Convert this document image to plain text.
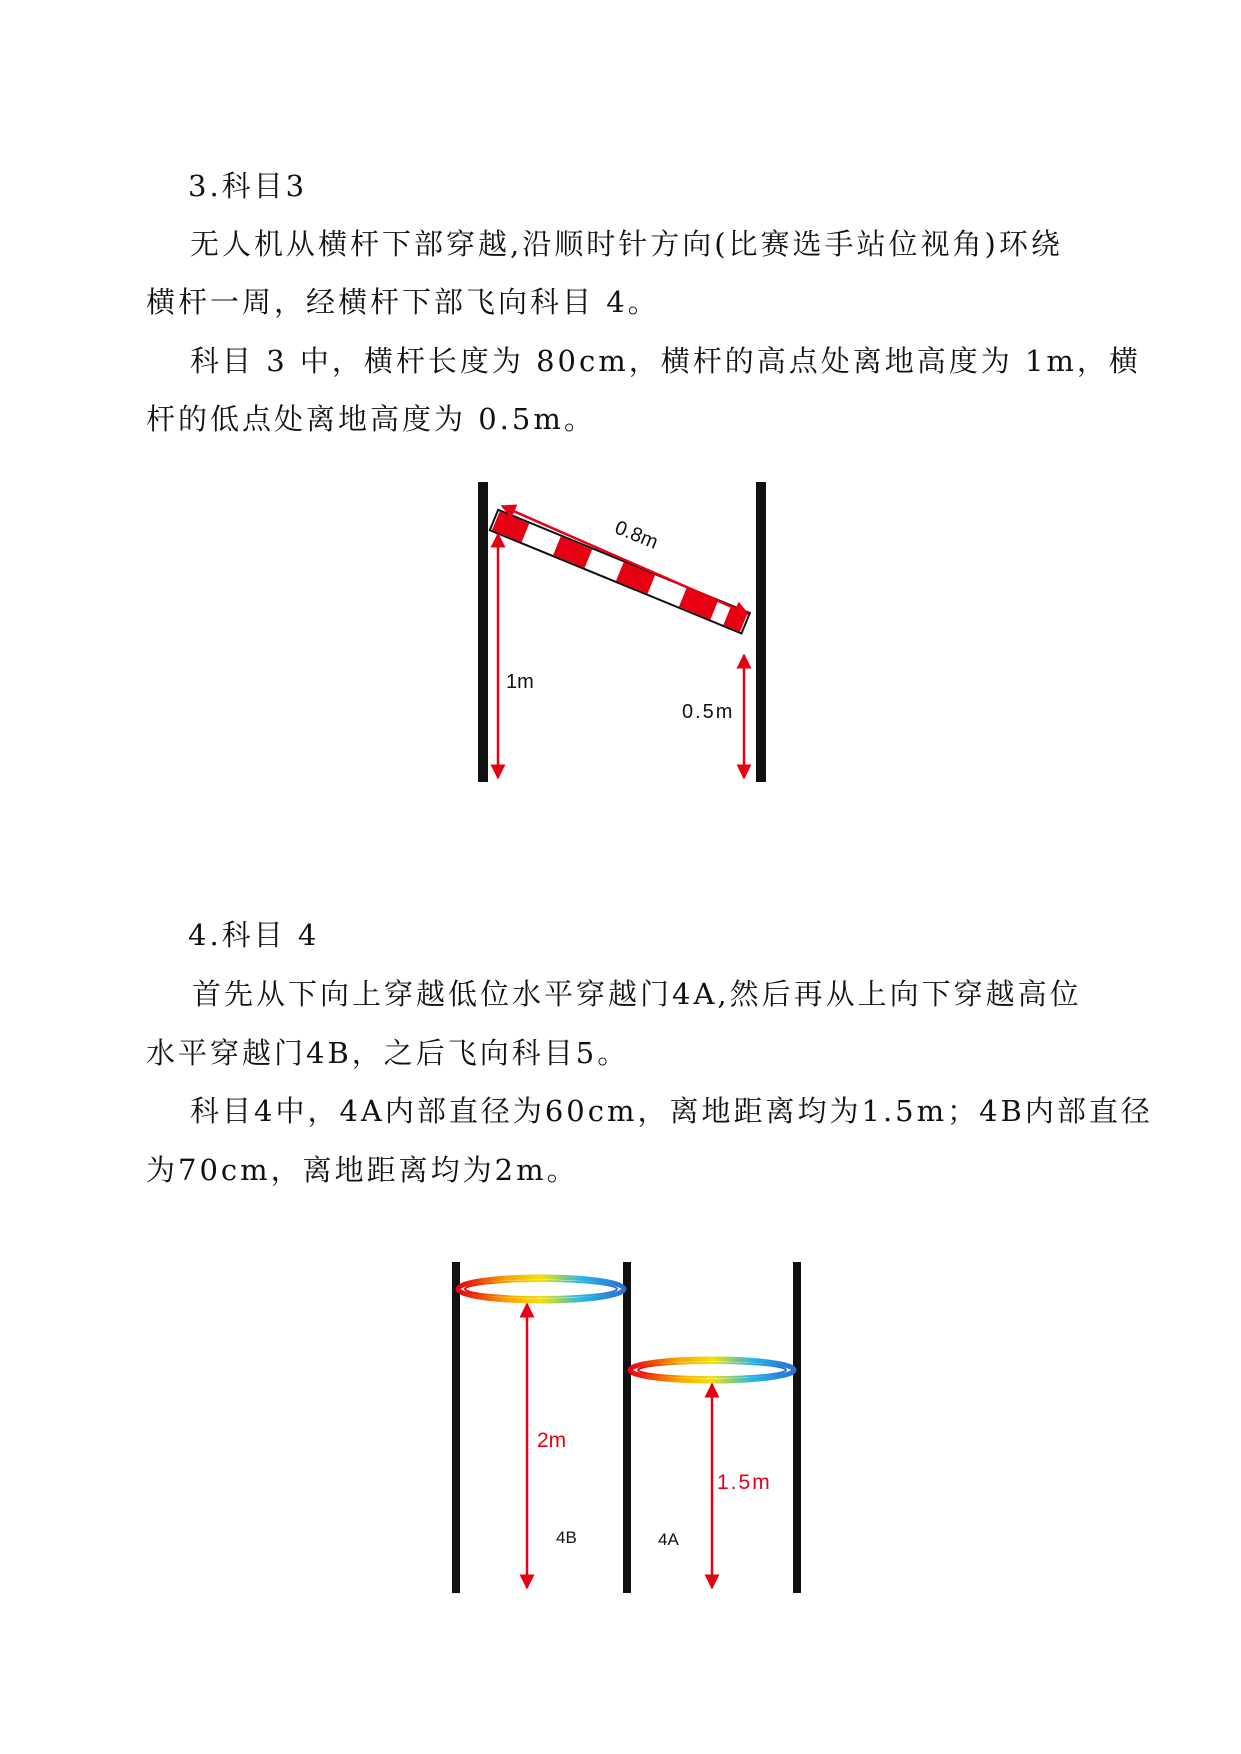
3.科目3
无人机从横杆下部穿越,沿顺时针方向(比赛选手站位视角)环绕
横杆一周，经横杆下部飞向科目 4。
科目 3 中，横杆长度为 80cm，横杆的高点处离地高度为 1m，横
杆的低点处离地高度为 0.5m。
0.8m
1m
0.5m
4.科目 4
首先从下向上穿越低位水平穿越门4A,然后再从上向下穿越高位
水平穿越门4B，之后飞向科目5。
科目4中，4A内部直径为60cm，离地距离均为1.5m；4B内部直径
为70cm，离地距离均为2m。
2m
1.5m
4B	4A
